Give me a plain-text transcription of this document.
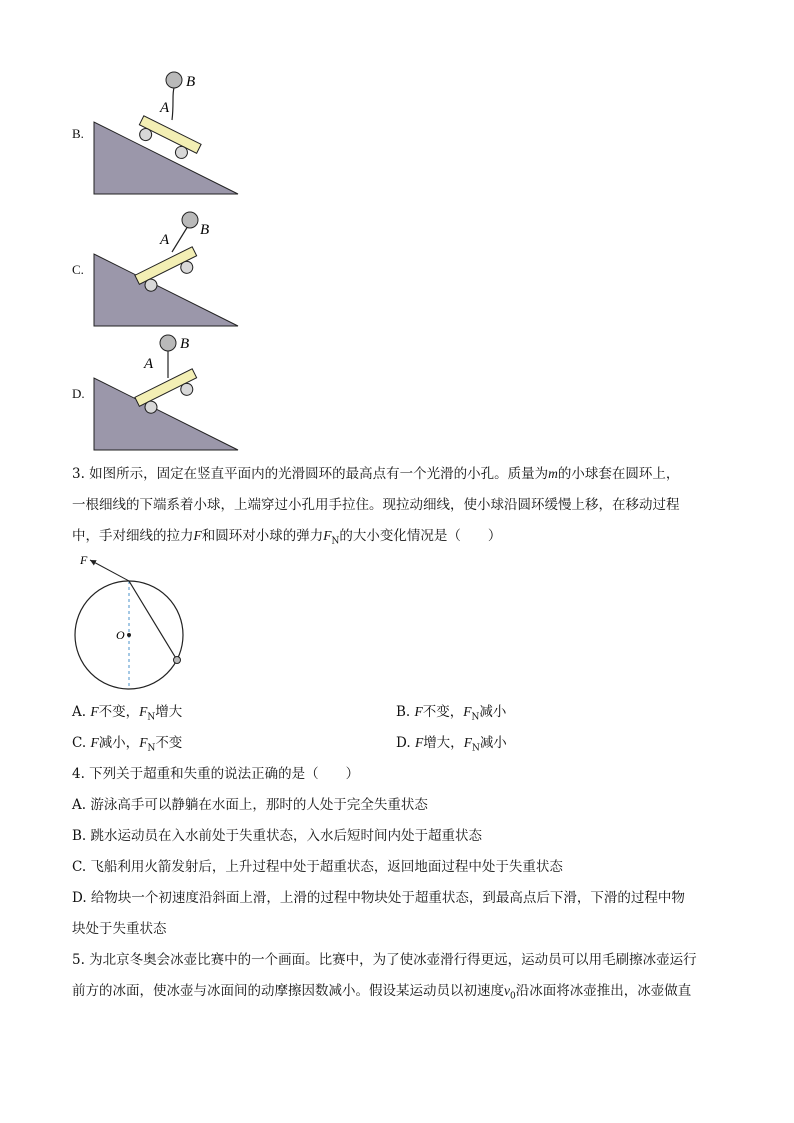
B.
A
B
C.
A
B
D.
A
B
3. 如图所示，固定在竖直平面内的光滑圆环的最高点有一个光滑的小孔。质量为m的小球套在圆环上，
一根细线的下端系着小球，上端穿过小孔用手拉住。现拉动细线，使小球沿圆环缓慢上移，在移动过程
中，手对细线的拉力F和圆环对小球的弹力$F_N$的大小变化情况是（　　）
F
O
A. F不变，$F_N$增大	B. F不变，$F_N$减小
C. F减小，$F_N$不变	D. F增大，$F_N$减小
4. 下列关于超重和失重的说法正确的是（　　）
A. 游泳高手可以静躺在水面上，那时的人处于完全失重状态
B. 跳水运动员在入水前处于失重状态，入水后短时间内处于超重状态
C. 飞船利用火箭发射后，上升过程中处于超重状态，返回地面过程中处于失重状态
D. 给物块一个初速度沿斜面上滑，上滑的过程中物块处于超重状态，到最高点后下滑，下滑的过程中物
块处于失重状态
5. 为北京冬奥会冰壶比赛中的一个画面。比赛中，为了使冰壶滑行得更远，运动员可以用毛刷擦冰壶运行
前方的冰面，使冰壶与冰面间的动摩擦因数减小。假设某运动员以初速度$v_0$沿冰面将冰壶推出，冰壶做直
